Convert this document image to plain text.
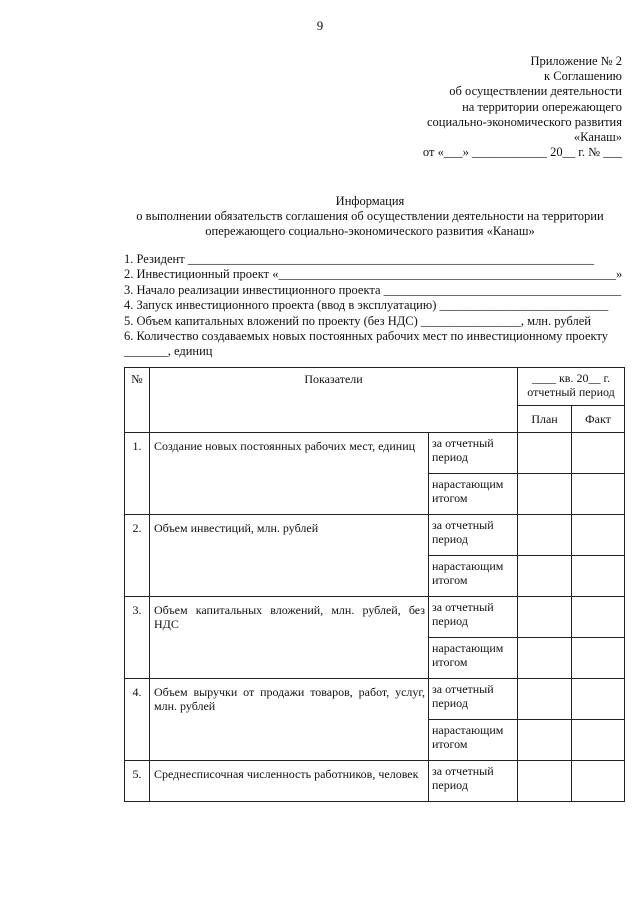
9
Приложение № 2
к Соглашению
об осуществлении деятельности
на территории опережающего
социально-экономического развития
«Канаш»
от «___» ____________ 20__ г. № ___
Информация
о выполнении обязательств соглашения об осуществлении деятельности на территории
опережающего социально-экономического развития «Канаш»
1. Резидент _________________________________________________________________
2. Инвестиционный проект «______________________________________________________»
3. Начало реализации инвестиционного проекта ______________________________________
4. Запуск инвестиционного проекта (ввод в эксплуатацию) ___________________________
5. Объем капитальных вложений по проекту (без НДС) ________________, млн. рублей
6. Количество создаваемых новых постоянных рабочих мест по инвестиционному проекту
_______, единиц
№	Показатели		____ кв. 20__ г.
отчетный период	

			План	Факт
1.	Создание новых постоянных рабочих мест, единиц	за отчетный период		
		нарастающим итогом		
2.	Объем инвестиций, млн. рублей	за отчетный период		
		нарастающим итогом		
3.	Объем капитальных вложений, млн. рублей, без НДС	за отчетный период		
		нарастающим итогом		
4.	Объем выручки от продажи товаров, работ, услуг, млн. рублей	за отчетный период		
		нарастающим итогом		
5.	Среднесписочная численность работников, человек	за отчетный период		
